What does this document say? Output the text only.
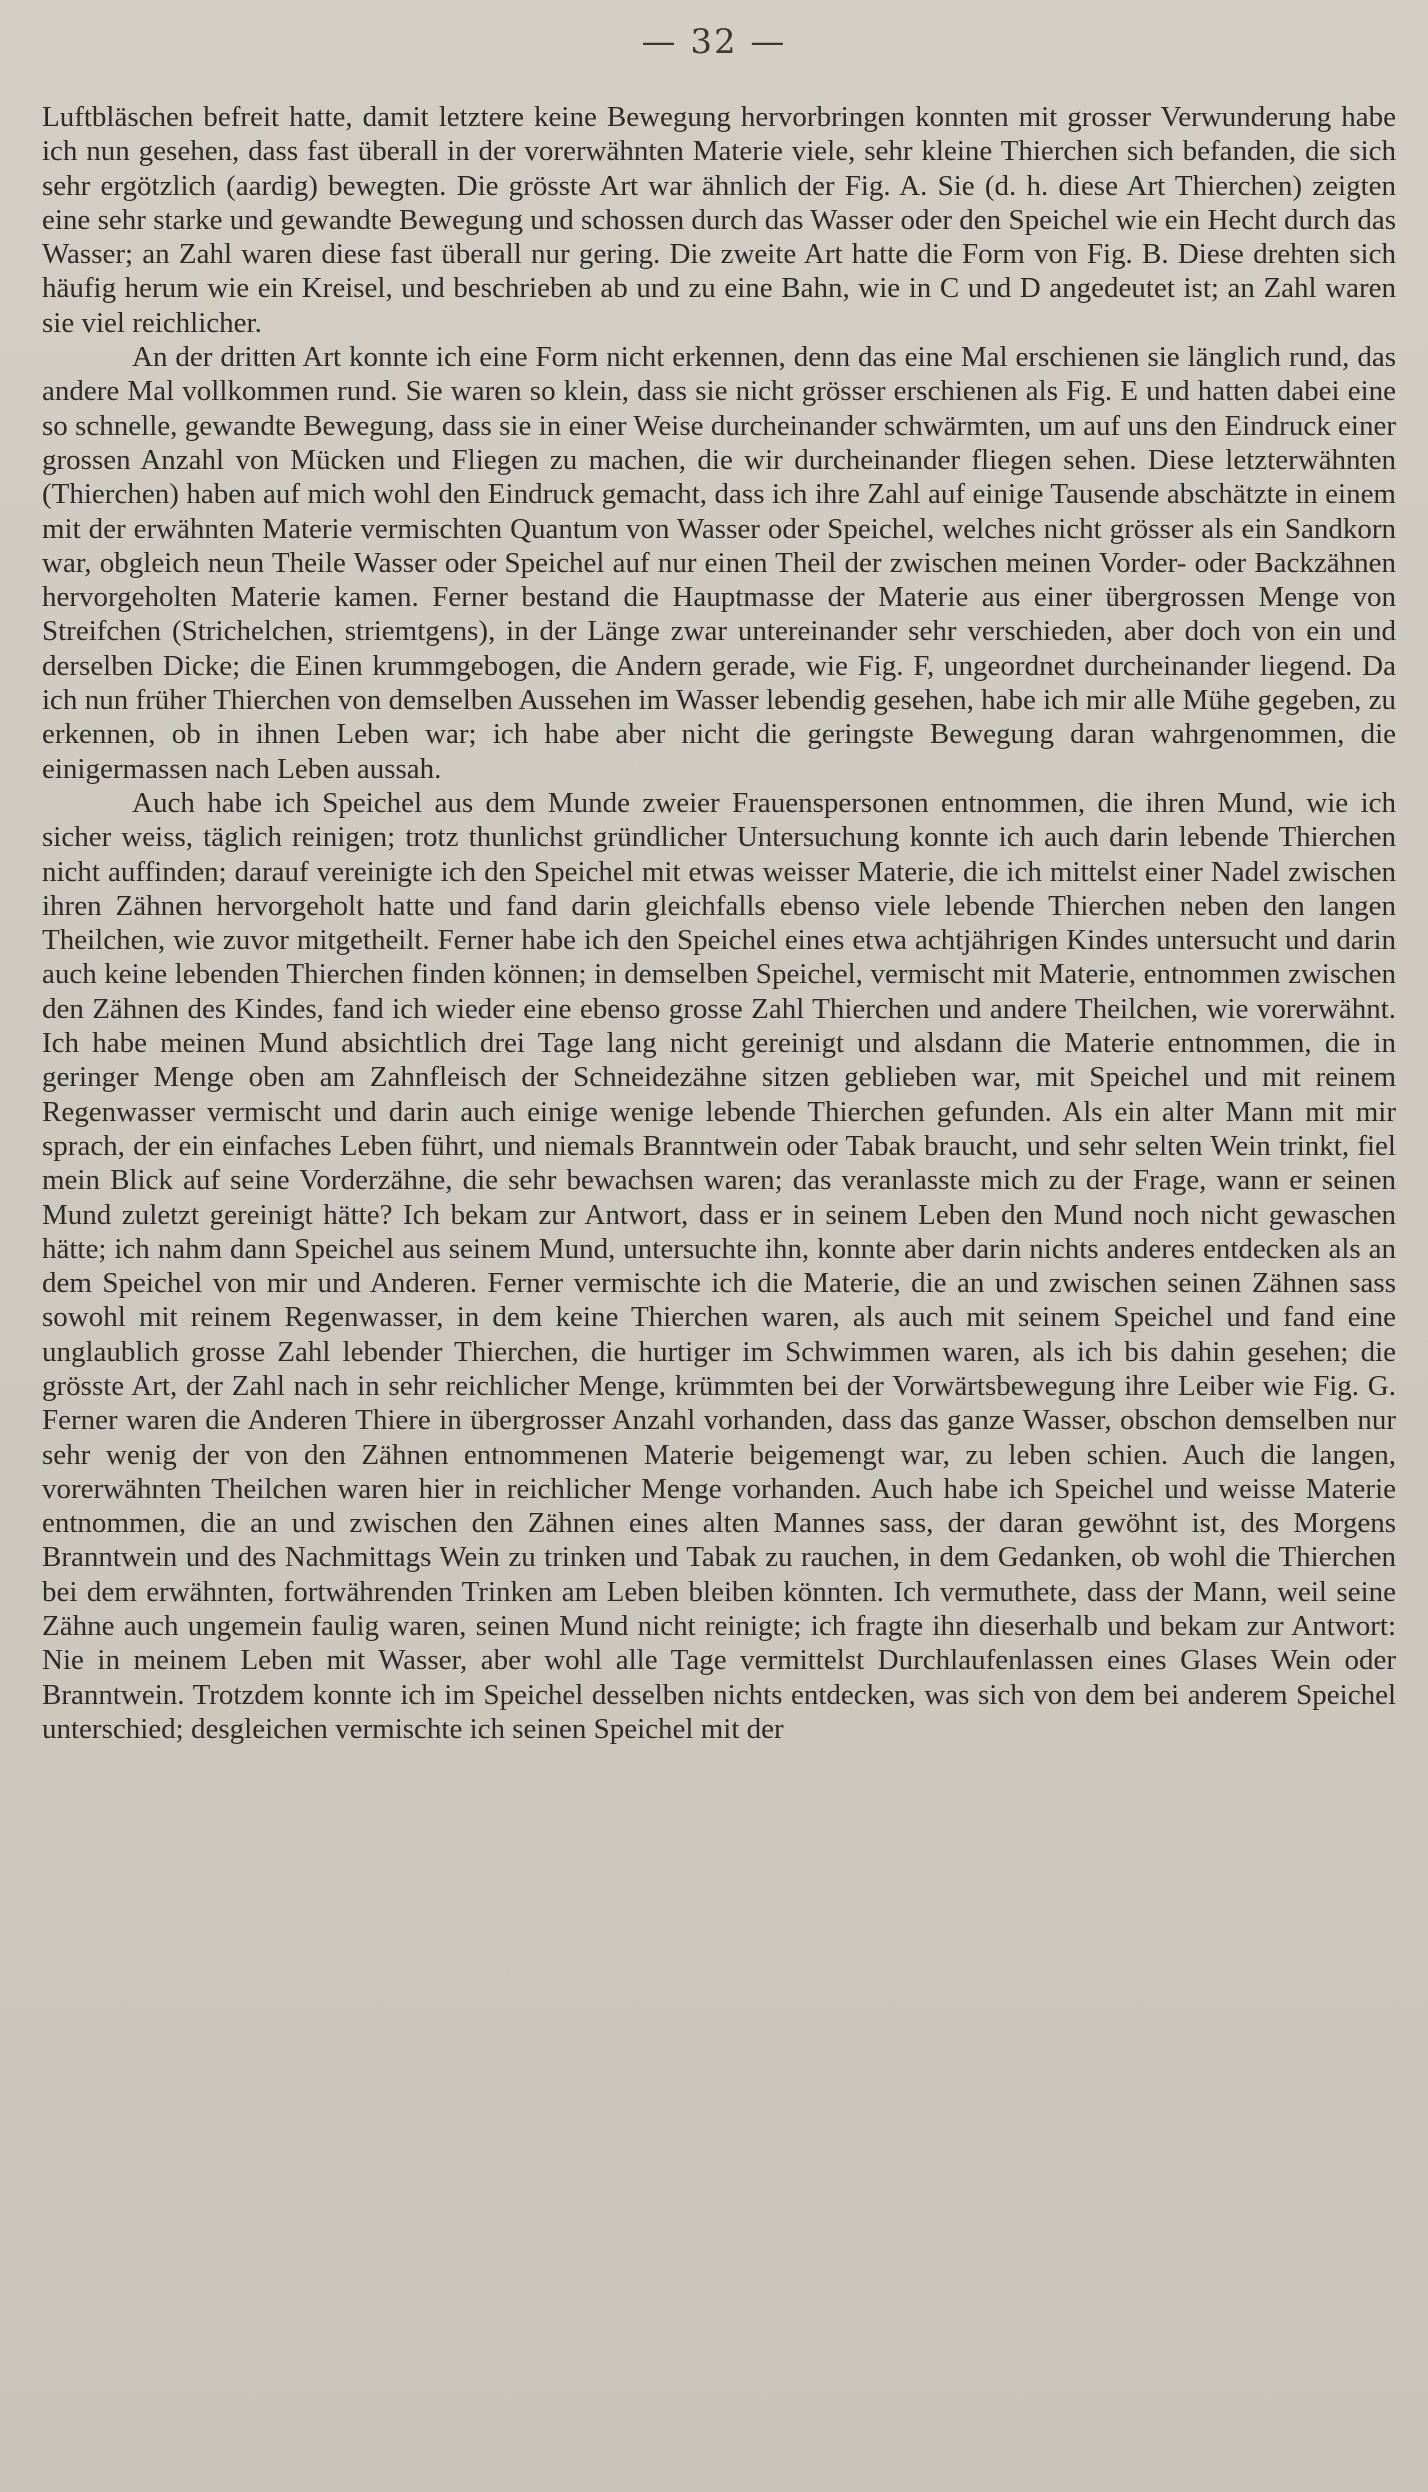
— 32 —

Luftbläschen befreit hatte, damit letztere keine Bewegung hervorbringen konnten mit grosser Verwunderung habe ich nun gesehen, dass fast überall in der vorerwähnten Materie viele, sehr kleine Thierchen sich befanden, die sich sehr ergötzlich (aardig) bewegten. Die grösste Art war ähnlich der Fig. A. Sie (d. h. diese Art Thierchen) zeigten eine sehr starke und gewandte Bewegung und schossen durch das Wasser oder den Speichel wie ein Hecht durch das Wasser; an Zahl waren diese fast überall nur gering. Die zweite Art hatte die Form von Fig. B. Diese drehten sich häufig herum wie ein Kreisel, und beschrieben ab und zu eine Bahn, wie in C und D angedeutet ist; an Zahl waren sie viel reichlicher.

An der dritten Art konnte ich eine Form nicht erkennen, denn das eine Mal erschienen sie länglich rund, das andere Mal vollkommen rund. Sie waren so klein, dass sie nicht grösser erschienen als Fig. E und hatten dabei eine so schnelle, gewandte Bewegung, dass sie in einer Weise durcheinander schwärmten, um auf uns den Eindruck einer grossen Anzahl von Mücken und Fliegen zu machen, die wir durcheinander fliegen sehen. Diese letzterwähnten (Thierchen) haben auf mich wohl den Eindruck gemacht, dass ich ihre Zahl auf einige Tausende abschätzte in einem mit der erwähnten Materie vermischten Quantum von Wasser oder Speichel, welches nicht grösser als ein Sandkorn war, obgleich neun Theile Wasser oder Speichel auf nur einen Theil der zwischen meinen Vorder- oder Backzähnen hervorgeholten Materie kamen. Ferner bestand die Hauptmasse der Materie aus einer übergrossen Menge von Streifchen (Strichelchen, striemtgens), in der Länge zwar untereinander sehr verschieden, aber doch von ein und derselben Dicke; die Einen krummgebogen, die Andern gerade, wie Fig. F, ungeordnet durcheinander liegend. Da ich nun früher Thierchen von demselben Aussehen im Wasser lebendig gesehen, habe ich mir alle Mühe gegeben, zu erkennen, ob in ihnen Leben war; ich habe aber nicht die geringste Bewegung daran wahrgenommen, die einigermassen nach Leben aussah.

Auch habe ich Speichel aus dem Munde zweier Frauenspersonen entnommen, die ihren Mund, wie ich sicher weiss, täglich reinigen; trotz thunlichst gründlicher Untersuchung konnte ich auch darin lebende Thierchen nicht auffinden; darauf vereinigte ich den Speichel mit etwas weisser Materie, die ich mittelst einer Nadel zwischen ihren Zähnen hervorgeholt hatte und fand darin gleichfalls ebenso viele lebende Thierchen neben den langen Theilchen, wie zuvor mitgetheilt. Ferner habe ich den Speichel eines etwa achtjährigen Kindes untersucht und darin auch keine lebenden Thierchen finden können; in demselben Speichel, vermischt mit Materie, entnommen zwischen den Zähnen des Kindes, fand ich wieder eine ebenso grosse Zahl Thierchen und andere Theilchen, wie vorerwähnt. Ich habe meinen Mund absichtlich drei Tage lang nicht gereinigt und alsdann die Materie entnommen, die in geringer Menge oben am Zahnfleisch der Schneidezähne sitzen geblieben war, mit Speichel und mit reinem Regenwasser vermischt und darin auch einige wenige lebende Thierchen gefunden. Als ein alter Mann mit mir sprach, der ein einfaches Leben führt, und niemals Branntwein oder Tabak braucht, und sehr selten Wein trinkt, fiel mein Blick auf seine Vorderzähne, die sehr bewachsen waren; das veranlasste mich zu der Frage, wann er seinen Mund zuletzt gereinigt hätte? Ich bekam zur Antwort, dass er in seinem Leben den Mund noch nicht gewaschen hätte; ich nahm dann Speichel aus seinem Mund, untersuchte ihn, konnte aber darin nichts anderes entdecken als an dem Speichel von mir und Anderen. Ferner vermischte ich die Materie, die an und zwischen seinen Zähnen sass sowohl mit reinem Regenwasser, in dem keine Thierchen waren, als auch mit seinem Speichel und fand eine unglaublich grosse Zahl lebender Thierchen, die hurtiger im Schwimmen waren, als ich bis dahin gesehen; die grösste Art, der Zahl nach in sehr reichlicher Menge, krümmten bei der Vorwärtsbewegung ihre Leiber wie Fig. G. Ferner waren die Anderen Thiere in übergrosser Anzahl vorhanden, dass das ganze Wasser, obschon demselben nur sehr wenig der von den Zähnen entnommenen Materie beigemengt war, zu leben schien. Auch die langen, vorerwähnten Theilchen waren hier in reichlicher Menge vorhanden. Auch habe ich Speichel und weisse Materie entnommen, die an und zwischen den Zähnen eines alten Mannes sass, der daran gewöhnt ist, des Morgens Branntwein und des Nachmittags Wein zu trinken und Tabak zu rauchen, in dem Gedanken, ob wohl die Thierchen bei dem erwähnten, fortwährenden Trinken am Leben bleiben könnten. Ich vermuthete, dass der Mann, weil seine Zähne auch ungemein faulig waren, seinen Mund nicht reinigte; ich fragte ihn dieserhalb und bekam zur Antwort: Nie in meinem Leben mit Wasser, aber wohl alle Tage vermittelst Durchlaufenlassen eines Glases Wein oder Branntwein. Trotzdem konnte ich im Speichel desselben nichts entdecken, was sich von dem bei anderem Speichel unterschied; desgleichen vermischte ich seinen Speichel mit der
